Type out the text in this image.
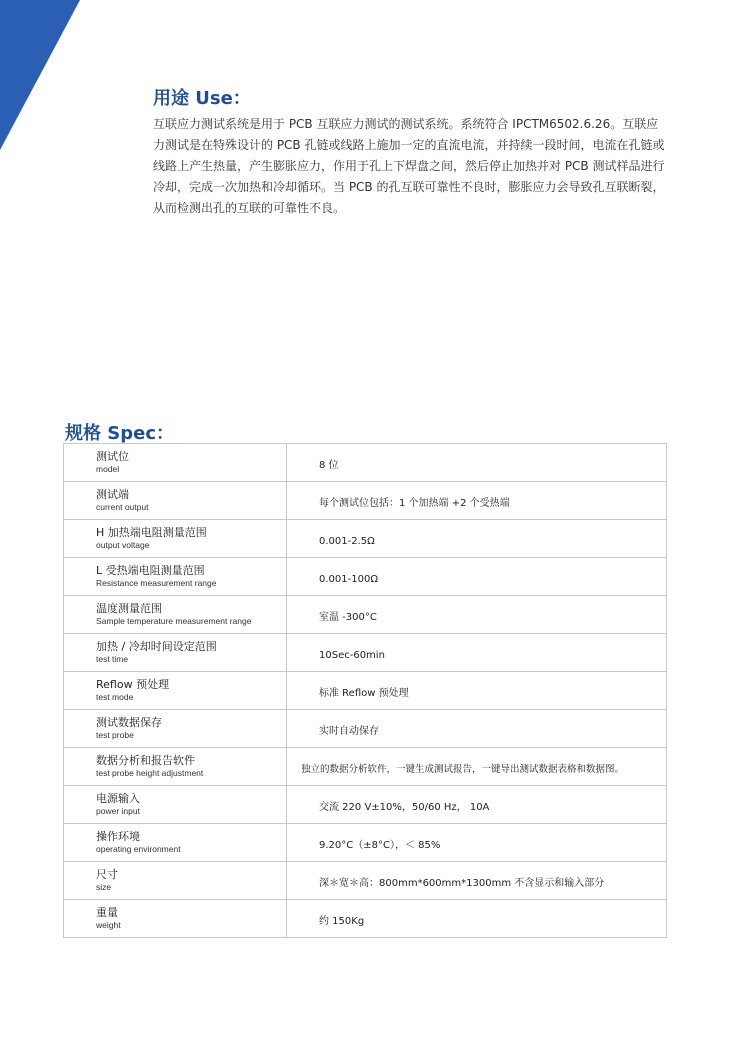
用途 Use：

互联应力测试系统是用于 PCB 互联应力测试的测试系统。系统符合 IPCTM6502.6.26。互联应力测试是在特殊设计的 PCB 孔链或线路上施加一定的直流电流，并持续一段时间，电流在孔链或线路上产生热量，产生膨胀应力，作用于孔上下焊盘之间，然后停止加热并对 PCB 测试样品进行冷却，完成一次加热和冷却循环。当 PCB 的孔互联可靠性不良时，膨胀应力会导致孔互联断裂，从而检测出孔的互联的可靠性不良。

规格 Spec：
测试位
model	8 位

测试端
current output	每个测试位包括：1 个加热端 +2 个受热端

H 加热端电阻测量范围
output voltage	0.001-2.5Ω

L 受热端电阻测量范围
Resistance measurement range	0.001-100Ω

温度测量范围
Sample temperature measurement range	室温 -300°C

加热 / 冷却时间设定范围
test time	10Sec-60min

Reflow 预处理
test mode	标准 Reflow 预处理

测试数据保存
test probe	实时自动保存

数据分析和报告软件
test probe height adjustment	独立的数据分析软件，一键生成测试报告，一键导出测试数据表格和数据图。

电源输入
power input	交流 220 V±10%，50/60 Hz， 10A

操作环境
operating environment	9.20°C（±8°C），＜ 85%

尺寸
size	深＊宽＊高：800mm*600mm*1300mm 不含显示和输入部分

重量
weight	约 150Kg
